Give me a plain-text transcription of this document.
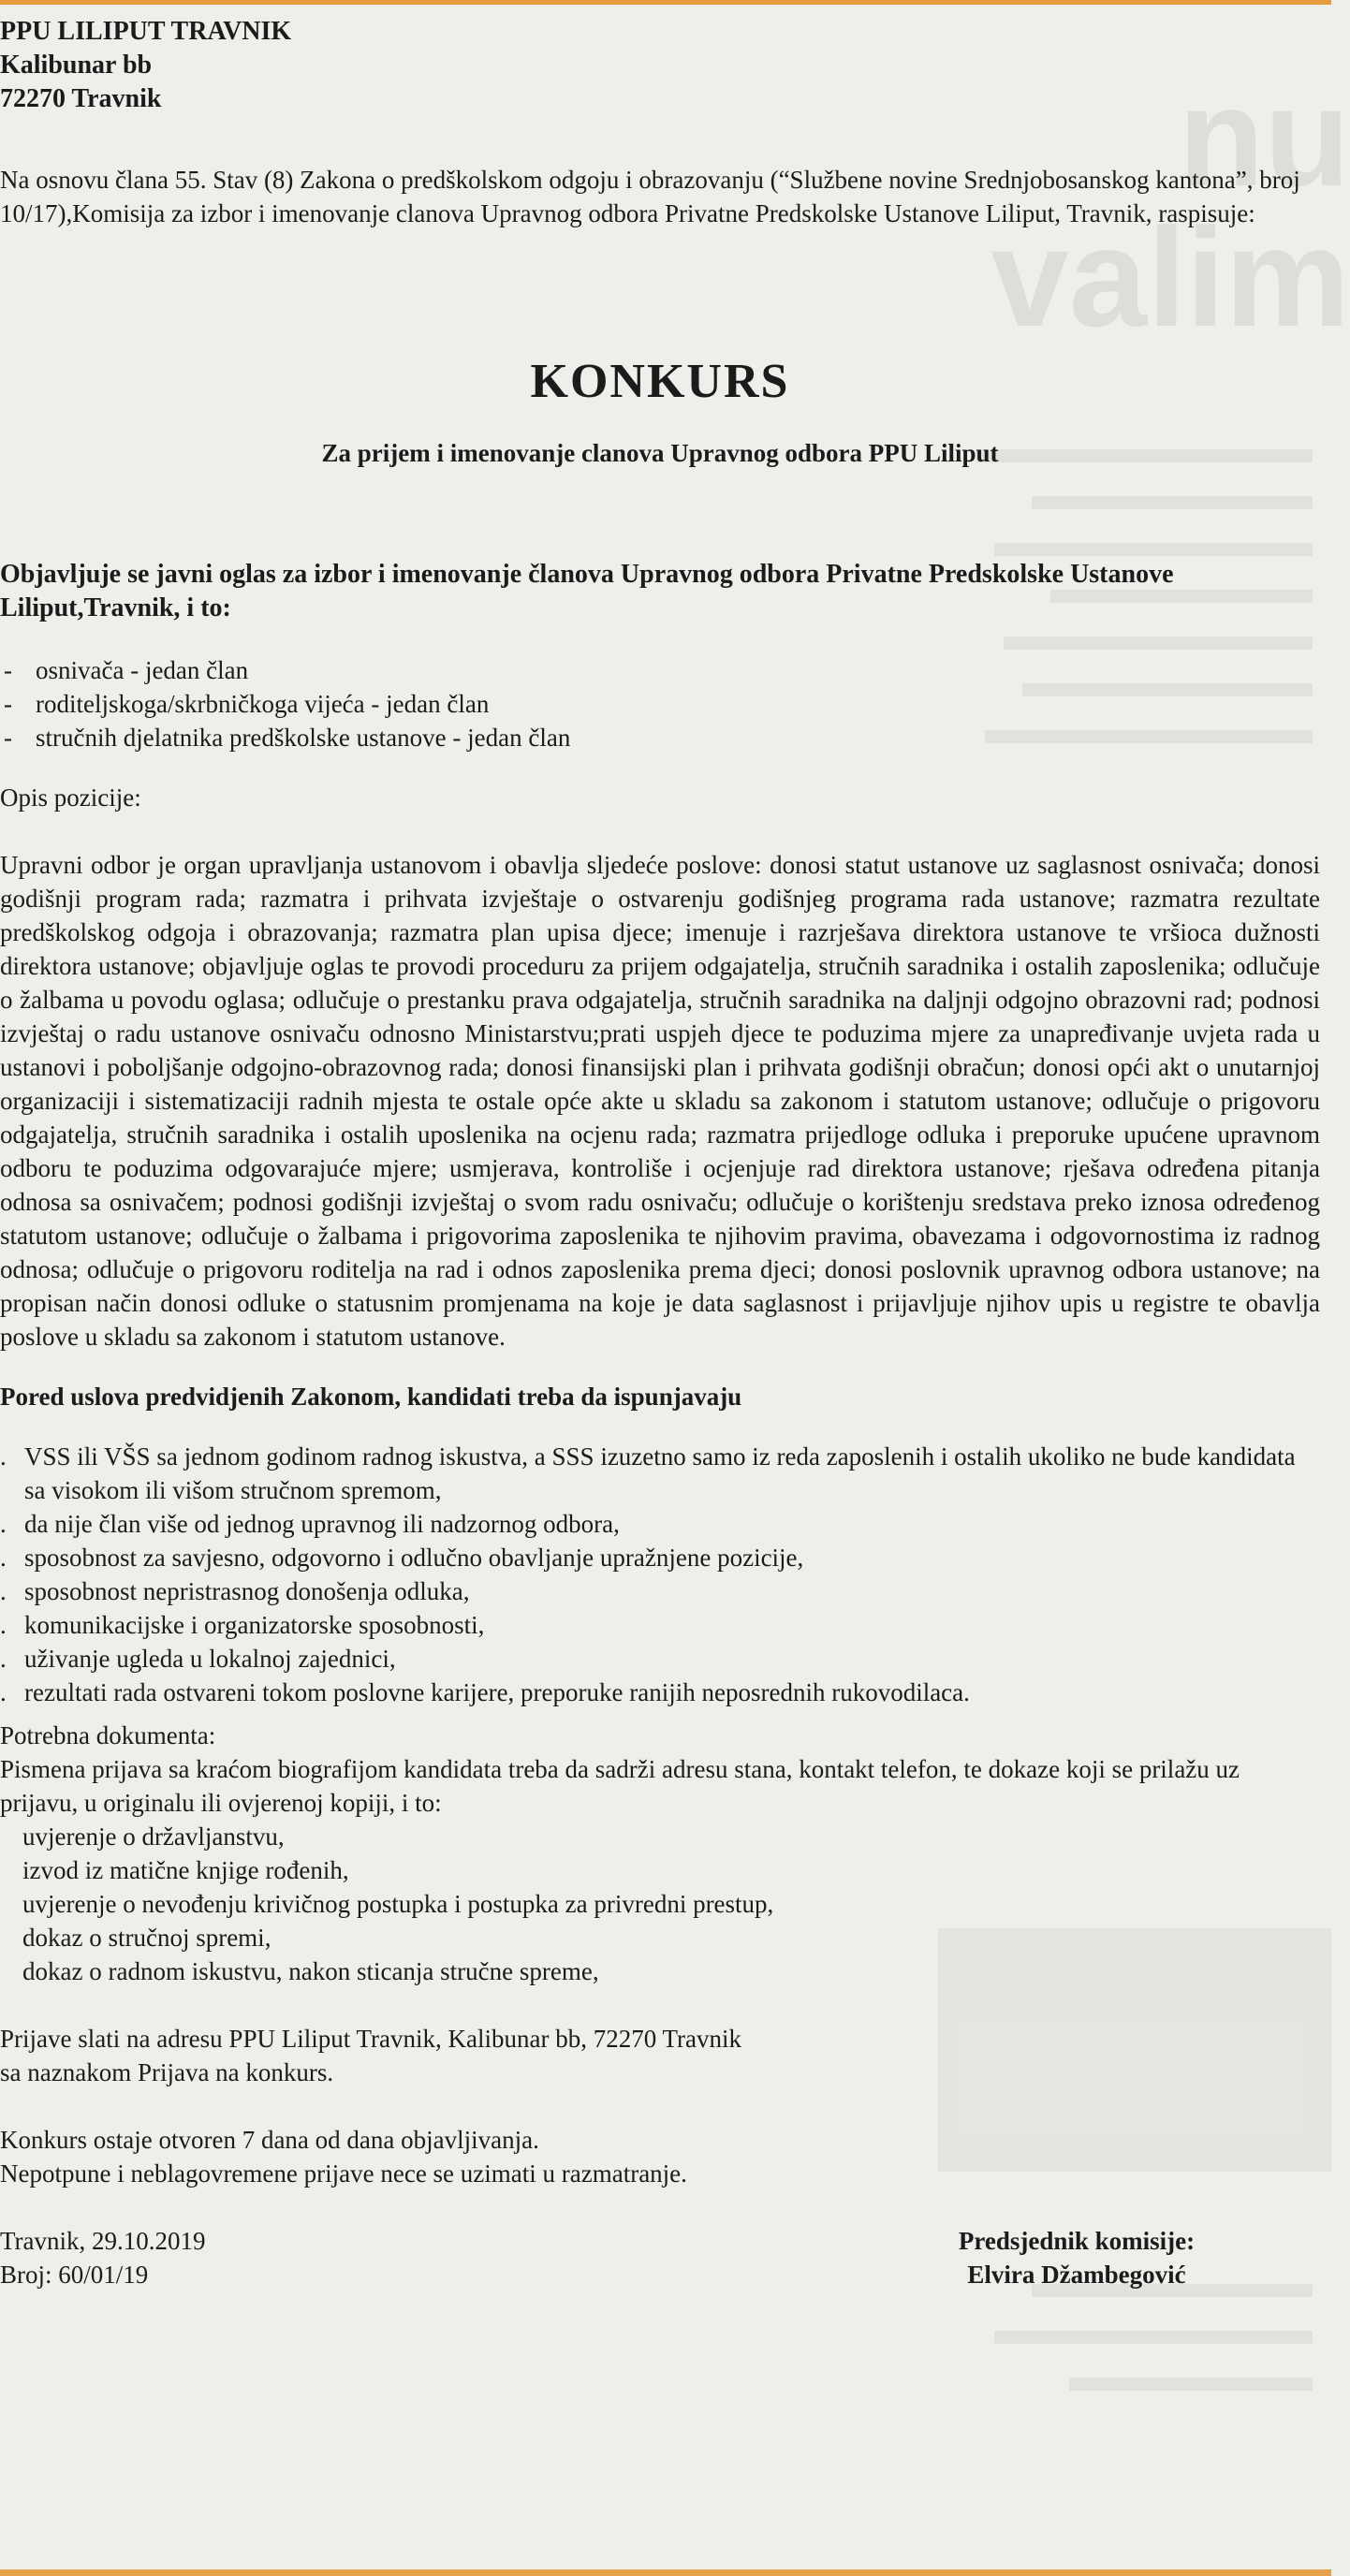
nu
valim

PPU LILIPUT TRAVNIK

Kalibunar bb

72270 Travnik

Na osnovu člana 55. Stav (8) Zakona o predškolskom odgoju i obrazovanju (“Službene novine Srednjobosanskog kantona”, broj 10/17),Komisija za izbor i imenovanje clanova Upravnog odbora Privatne Predskolske Ustanove Liliput, Travnik, raspisuje:

KONKURS

Za prijem i imenovanje clanova Upravnog odbora PPU Liliput

Objavljuje se javni oglas za izbor i imenovanje članova Upravnog odbora Privatne Predskolske Ustanove Liliput,Travnik, i to:

- osnivača - jedan član
- roditeljskoga/skrbničkoga vijeća - jedan član
- stručnih djelatnika predškolske ustanove - jedan član

Opis pozicije:

Upravni odbor je organ upravljanja ustanovom i obavlja sljedeće poslove: donosi statut ustanove uz saglasnost osnivača; donosi godišnji program rada; razmatra i prihvata izvještaje o ostvarenju godišnjeg programa rada ustanove; razmatra rezultate predškolskog odgoja i obrazovanja; razmatra plan upisa djece; imenuje i razrješava direktora ustanove te vršioca dužnosti direktora ustanove; objavljuje oglas te provodi proceduru za prijem odgajatelja, stručnih saradnika i ostalih zaposlenika; odlučuje o žalbama u povodu oglasa; odlučuje o prestanku prava odgajatelja, stručnih saradnika na daljnji odgojno obrazovni rad; podnosi izvještaj o radu ustanove osnivaču odnosno Ministarstvu;prati uspjeh djece te poduzima mjere za unapređivanje uvjeta rada u ustanovi i poboljšanje odgojno-obrazovnog rada; donosi finansijski plan i prihvata godišnji obračun; donosi opći akt o unutarnjoj organizaciji i sistematizaciji radnih mjesta te ostale opće akte u skladu sa zakonom i statutom ustanove; odlučuje o prigovoru odgajatelja, stručnih saradnika i ostalih uposlenika na ocjenu rada; razmatra prijedloge odluka i preporuke upućene upravnom odboru te poduzima odgovarajuće mjere; usmjerava, kontroliše i ocjenjuje rad direktora ustanove; rješava određena pitanja odnosa sa osnivačem; podnosi godišnji izvještaj o svom radu osnivaču; odlučuje o korištenju sredstava preko iznosa određenog statutom ustanove; odlučuje o žalbama i prigovorima zaposlenika te njihovim pravima, obavezama i odgovornostima iz radnog odnosa; odlučuje o prigovoru roditelja na rad i odnos zaposlenika prema djeci; donosi poslovnik upravnog odbora ustanove; na propisan način donosi odluke o statusnim promjenama na koje je data saglasnost i prijavljuje njihov upis u registre te obavlja poslove u skladu sa zakonom i statutom ustanove.

Pored uslova predvidjenih Zakonom, kandidati treba da ispunjavaju

. VSS ili VŠS sa jednom godinom radnog iskustva, a SSS izuzetno samo iz reda zaposlenih i ostalih ukoliko ne bude kandidata sa visokom ili višom stručnom spremom,
. da nije član više od jednog upravnog ili nadzornog odbora,
. sposobnost za savjesno, odgovorno i odlučno obavljanje upražnjene pozicije,
. sposobnost nepristrasnog donošenja odluka,
. komunikacijske i organizatorske sposobnosti,
. uživanje ugleda u lokalnoj zajednici,
. rezultati rada ostvareni tokom poslovne karijere, preporuke ranijih neposrednih rukovodilaca.

Potrebna dokumenta:

Pismena prijava sa kraćom biografijom kandidata treba da sadrži adresu stana, kontakt telefon, te dokaze koji se prilažu uz prijavu, u originalu ili ovjerenoj kopiji, i to:

uvjerenje o državljanstvu,
izvod iz matične knjige rođenih,
uvjerenje o nevođenju krivičnog postupka i postupka za privredni prestup,
dokaz o stručnoj spremi,
dokaz o radnom iskustvu, nakon sticanja stručne spreme,

Prijave slati na adresu PPU Liliput Travnik, Kalibunar bb, 72270 Travnik

sa naznakom Prijava na konkurs.

Konkurs ostaje otvoren 7 dana od dana objavljivanja.

Nepotpune i neblagovremene prijave nece se uzimati u razmatranje.

Travnik, 29.10.2019

Broj: 60/01/19

Predsjednik komisije:

Elvira Džambegović
